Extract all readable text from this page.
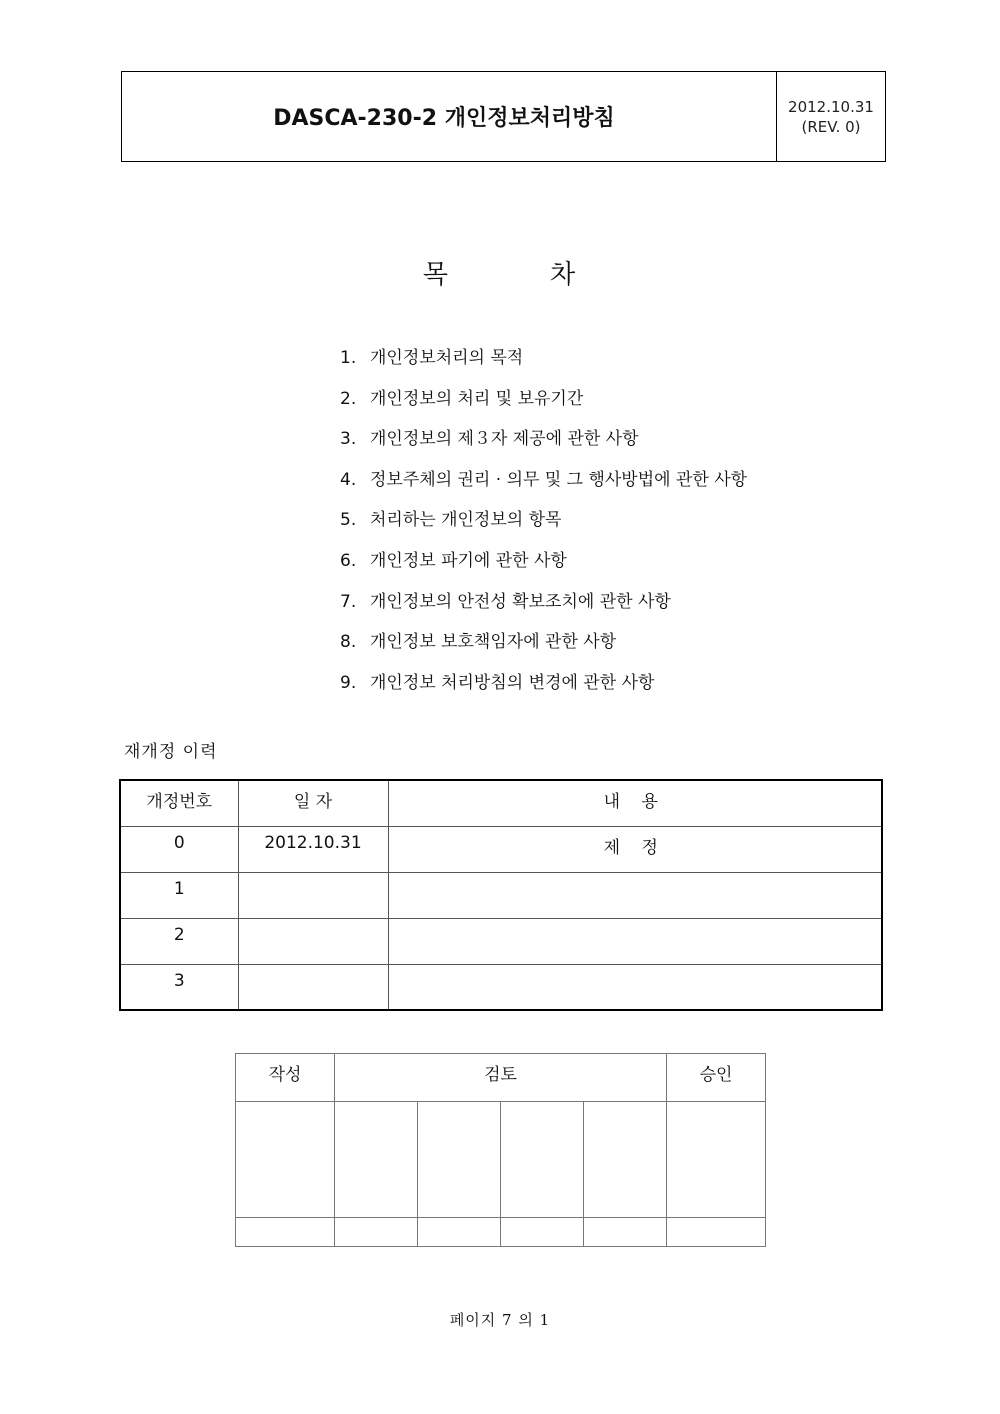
DASCA-230-2 개인정보처리방침	2012.10.31
(REV. 0)
목	차
1. 개인정보처리의 목적
2. 개인정보의 처리 및 보유기간
3. 개인정보의 제３자 제공에 관한 사항
4. 정보주체의 권리 · 의무 및 그 행사방법에 관한 사항
5. 처리하는 개인정보의 항목
6. 개인정보 파기에 관한 사항
7. 개인정보의 안전성 확보조치에 관한 사항
8. 개인정보 보호책임자에 관한 사항
9. 개인정보 처리방침의 변경에 관한 사항
재개정 이력
개정번호	일 자	내 용
0	2012.10.31	제 정
1		
2		
3		
작성	검토				승인

페이지 7 의 1
